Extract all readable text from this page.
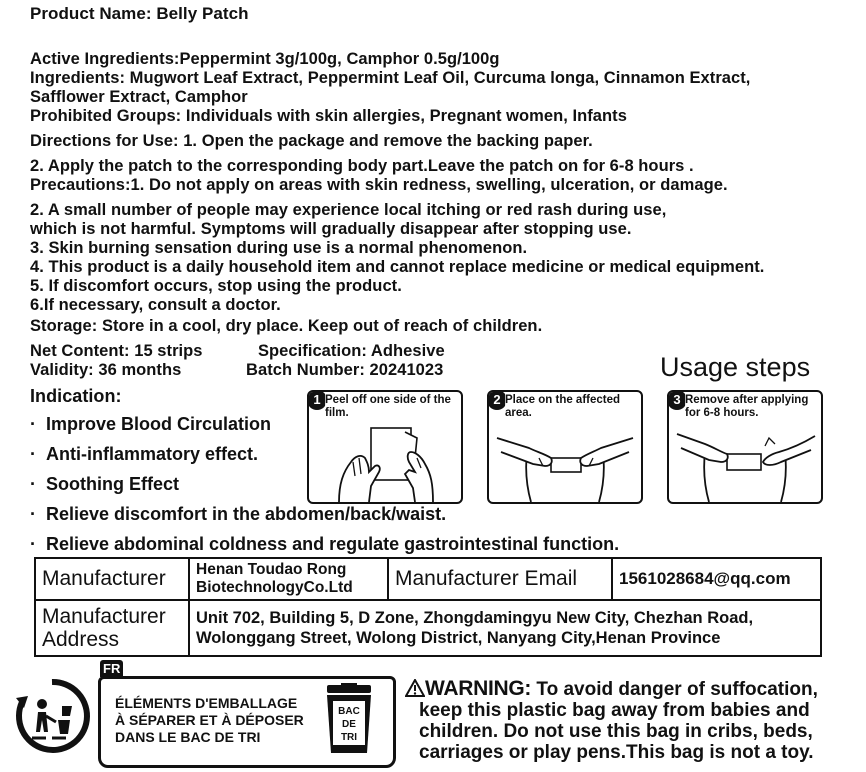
Product Name: Belly Patch
Active Ingredients:Peppermint 3g/100g, Camphor 0.5g/100g
Ingredients: Mugwort Leaf Extract, Peppermint Leaf Oil, Curcuma longa, Cinnamon Extract,
Safflower Extract, Camphor
Prohibited Groups: Individuals with skin allergies, Pregnant women, Infants
Directions for Use: 1. Open the package and remove the backing paper.
2. Apply the patch to the corresponding body part.Leave the patch on for 6-8 hours .
Precautions:1. Do not apply on areas with skin redness, swelling, ulceration, or damage.
2. A small number of people may experience local itching or red rash during use,
which is not harmful. Symptoms will gradually disappear after stopping use.
3. Skin burning sensation during use is a normal phenomenon.
4. This product is a daily household item and cannot replace medicine or medical equipment.
5. If discomfort occurs, stop using the product.
6.If necessary, consult a doctor.
Storage: Store in a cool, dry place. Keep out of reach of children.
Net Content: 15 strips	Specification: Adhesive
Validity: 36 months	Batch Number: 20241023
Indication:
· Improve Blood Circulation
· Anti-inflammatory effect.
· Soothing Effect
· Relieve discomfort in the abdomen/back/waist.
· Relieve abdominal coldness and regulate gastrointestinal function.
Usage steps
1 Peel off one side of the film.
2 Place on the affected area.
3 Remove after applying for 6-8 hours.
Manufacturer	Henan Toudao Rong BiotechnologyCo.Ltd	Manufacturer Email	1561028684@qq.com
Manufacturer Address	Unit 702, Building 5, D Zone, Zhongdamingyu New City, Chezhan Road,
Wolonggang Street, Wolong District, Nanyang City,Henan Province		
FR
ÉLÉMENTS D'EMBALLAGE
À SÉPARER ET À DÉPOSER
DANS LE BAC DE TRI
BAC
DE
TRI
WARNING: To avoid danger of suffocation,
keep this plastic bag away from babies and
children. Do not use this bag in cribs, beds,
carriages or play pens.This bag is not a toy.
